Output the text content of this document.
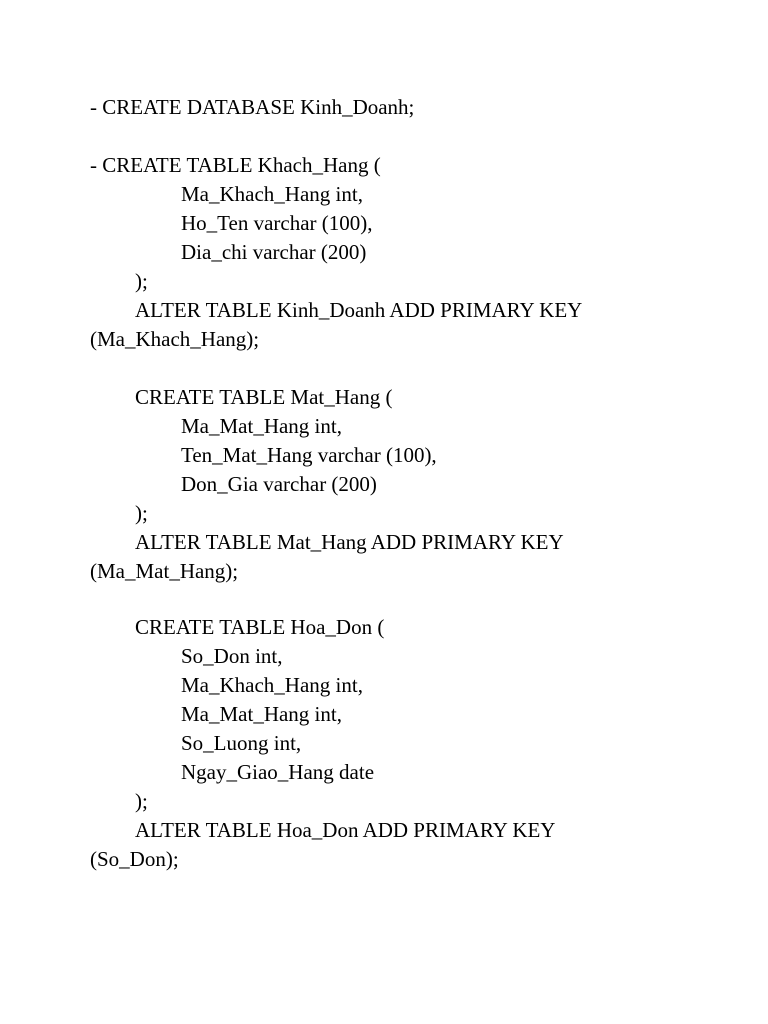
- CREATE DATABASE Kinh_Doanh;
- CREATE TABLE Khach_Hang (
Ma_Khach_Hang int,
Ho_Ten varchar (100),
Dia_chi varchar (200)
);
ALTER TABLE Kinh_Doanh ADD PRIMARY KEY
(Ma_Khach_Hang);
CREATE TABLE Mat_Hang (
Ma_Mat_Hang int,
Ten_Mat_Hang varchar (100),
Don_Gia varchar (200)
);
ALTER TABLE Mat_Hang ADD PRIMARY KEY
(Ma_Mat_Hang);
CREATE TABLE Hoa_Don (
So_Don int,
Ma_Khach_Hang int,
Ma_Mat_Hang int,
So_Luong int,
Ngay_Giao_Hang date
);
ALTER TABLE Hoa_Don ADD PRIMARY KEY
(So_Don);
